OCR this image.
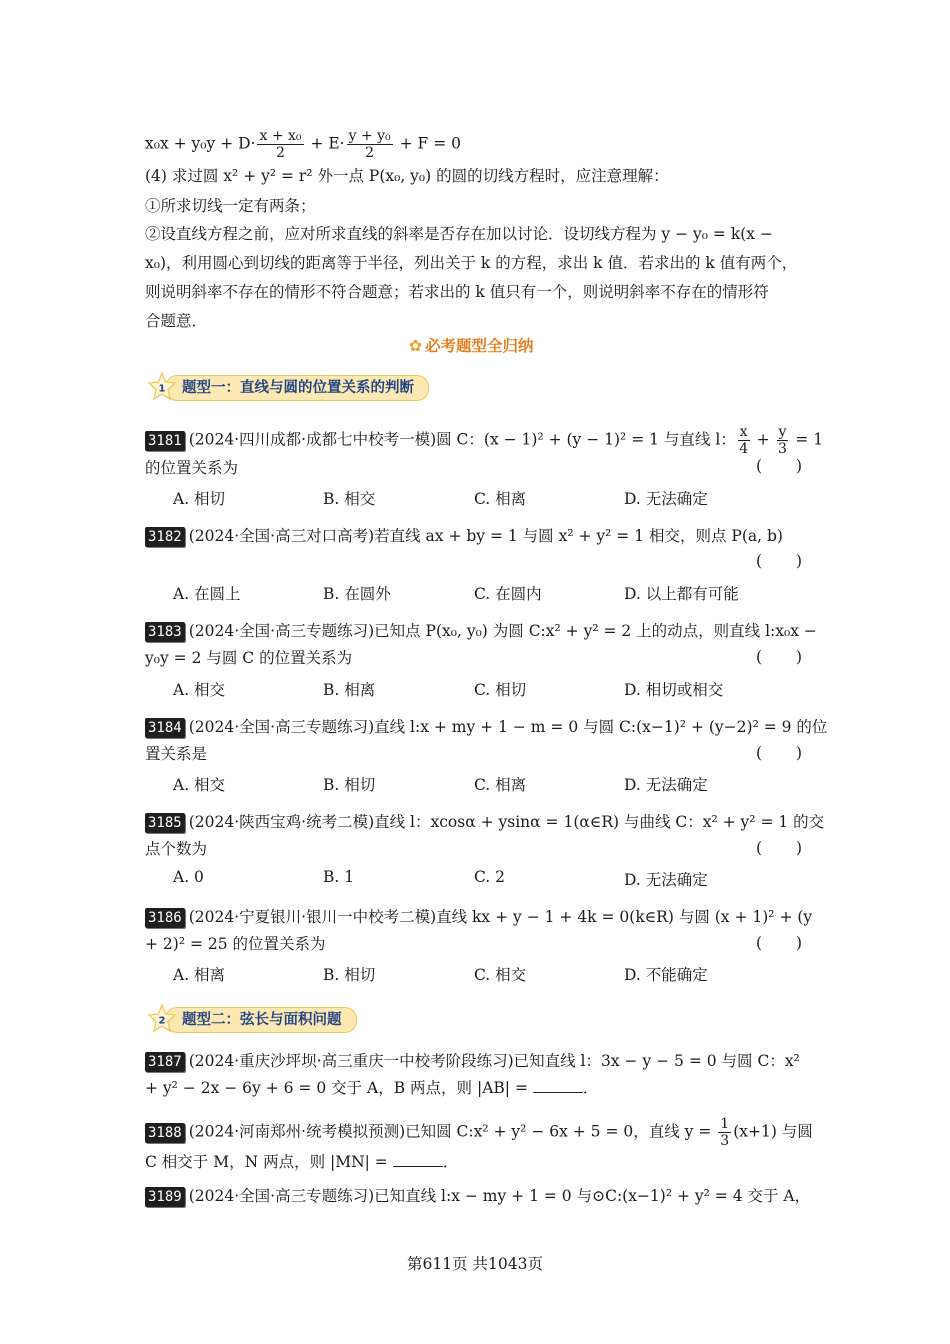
$x_0x + y_0y + D\cdot \frac{\text{x + x₀}}{2} + E\cdot \frac{\text{y + y₀}}{2} + F = 0$
(4) 求过圆 x² + y² = r² 外一点 P(x₀, y₀) 的圆的切线方程时，应注意理解：
①所求切线一定有两条；
②设直线方程之前，应对所求直线的斜率是否存在加以讨论．设切线方程为 y − y₀ = k(x −
x₀)，利用圆心到切线的距离等于半径，列出关于 k 的方程，求出 k 值．若求出的 k 值有两个，
则说明斜率不存在的情形不符合题意；若求出的 k 值只有一个，则说明斜率不存在的情形符
合题意．
✿ 必考题型全归纳
题型一：直线与圆的位置关系的判断
1
3181 (2024·四川成都·成都七中校考一模)圆 C：(x − 1)² + (y − 1)² = 1 与直线 l： $\frac{x}{4} + \frac{y}{3} = 1$
的位置关系为	( )
A. 相切	B. 相交	C. 相离	D. 无法确定
3182 (2024·全国·高三对口高考)若直线 ax + by = 1 与圆 x² + y² = 1 相交，则点 P(a, b)
( )
A. 在圆上	B. 在圆外	C. 在圆内	D. 以上都有可能
3183 (2024·全国·高三专题练习)已知点 P(x₀, y₀) 为圆 C:x² + y² = 2 上的动点，则直线 l:x₀x −
y₀y = 2 与圆 C 的位置关系为	( )
A. 相交	B. 相离	C. 相切	D. 相切或相交
3184 (2024·全国·高三专题练习)直线 l:x + my + 1 − m = 0 与圆 C:(x−1)² + (y−2)² = 9 的位
置关系是	( )
A. 相交	B. 相切	C. 相离	D. 无法确定
3185 (2024·陕西宝鸡·统考二模)直线 l：xcosα + ysinα = 1(α∈R) 与曲线 C：x² + y² = 1 的交
点个数为	( )
A. 0	B. 1	C. 2	D. 无法确定
3186 (2024·宁夏银川·银川一中校考二模)直线 kx + y − 1 + 4k = 0(k∈R) 与圆 (x + 1)² + (y
+ 2)² = 25 的位置关系为	( )
A. 相离	B. 相切	C. 相交	D. 不能确定
题型二：弦长与面积问题
2
3187 (2024·重庆沙坪坝·高三重庆一中校考阶段练习)已知直线 l：3x − y − 5 = 0 与圆 C：x²
+ y² − 2x − 6y + 6 = 0 交于 A，B 两点，则 |AB| =	．
3188 (2024·河南郑州·统考模拟预测)已知圆 C:x² + y² − 6x + 5 = 0，直线 $y = \frac{1}{3} (x+1)$ 与圆
C 相交于 M，N 两点，则 |MN| =	．
3189 (2024·全国·高三专题练习)已知直线 l:x − my + 1 = 0 与⊙C:(x−1)² + y² = 4 交于 A，
第611页 共1043页
